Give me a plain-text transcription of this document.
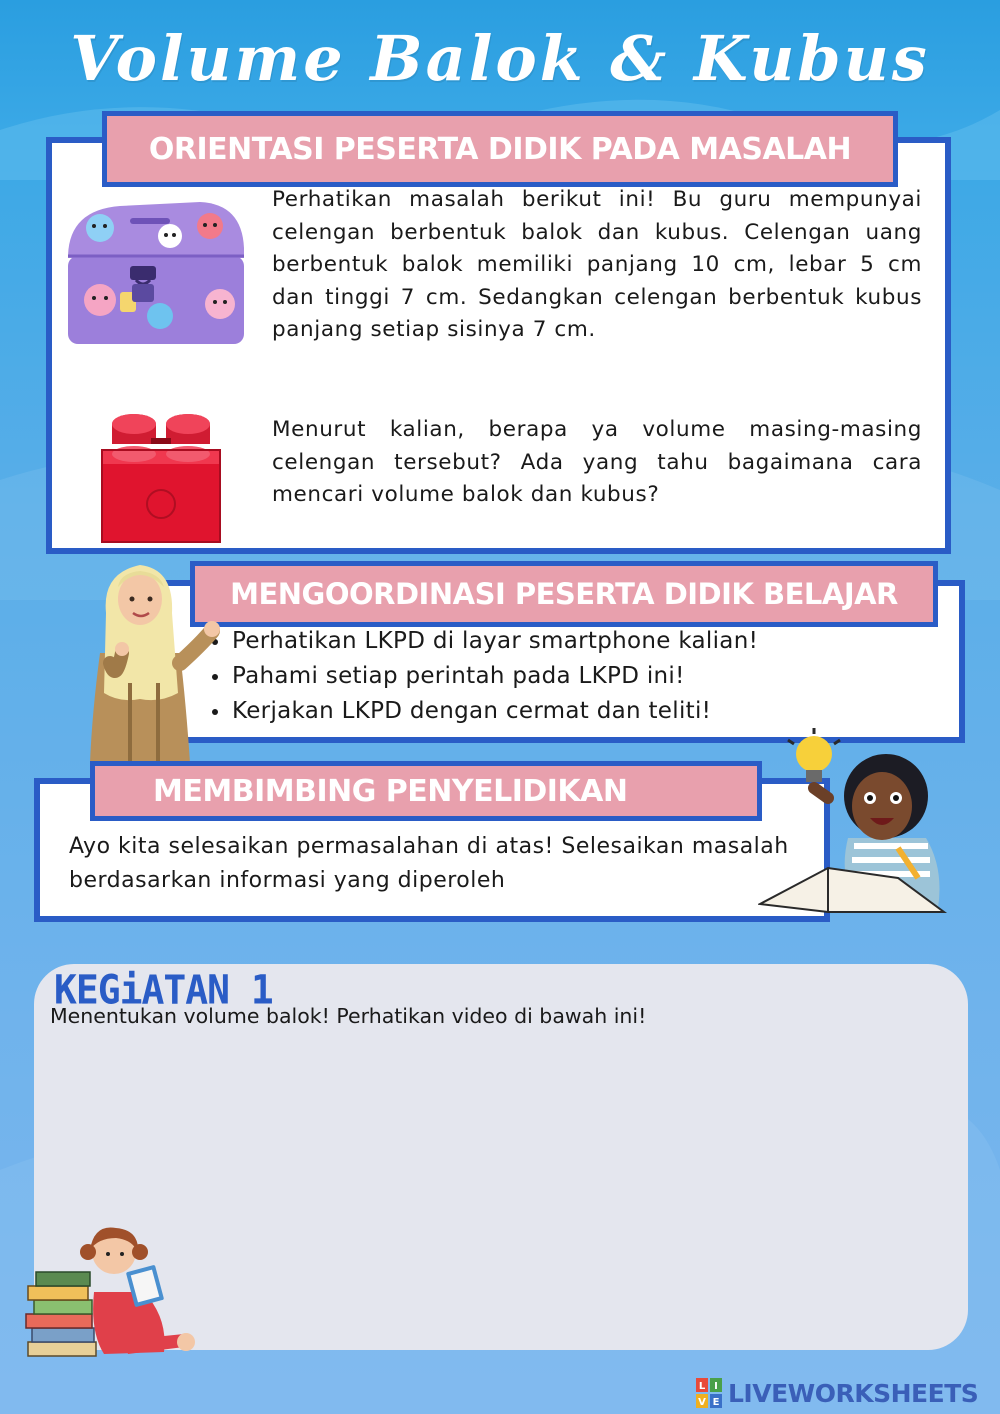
Volume Balok & Kubus
ORIENTASI PESERTA DIDIK PADA MASALAH
Perhatikan masalah berikut ini! Bu guru mempunyai celengan berbentuk balok dan kubus. Celengan uang berbentuk balok memiliki panjang 10 cm, lebar 5 cm dan tinggi 7 cm. Sedangkan celengan berbentuk kubus panjang setiap sisinya 7 cm.
Menurut kalian, berapa ya volume masing-masing celengan tersebut? Ada yang tahu bagaimana cara mencari volume balok dan kubus?
MENGOORDINASI PESERTA DIDIK BELAJAR
Perhatikan LKPD di layar smartphone kalian!
Pahami setiap perintah pada LKPD ini!
Kerjakan LKPD dengan cermat dan teliti!
MEMBIMBING PENYELIDIKAN
Ayo kita selesaikan permasalahan di atas! Selesaikan masalah berdasarkan informasi yang diperoleh
KEGiATAN 1
Menentukan volume balok! Perhatikan video di bawah ini!
L I
V E LIVEWORKSHEETS
